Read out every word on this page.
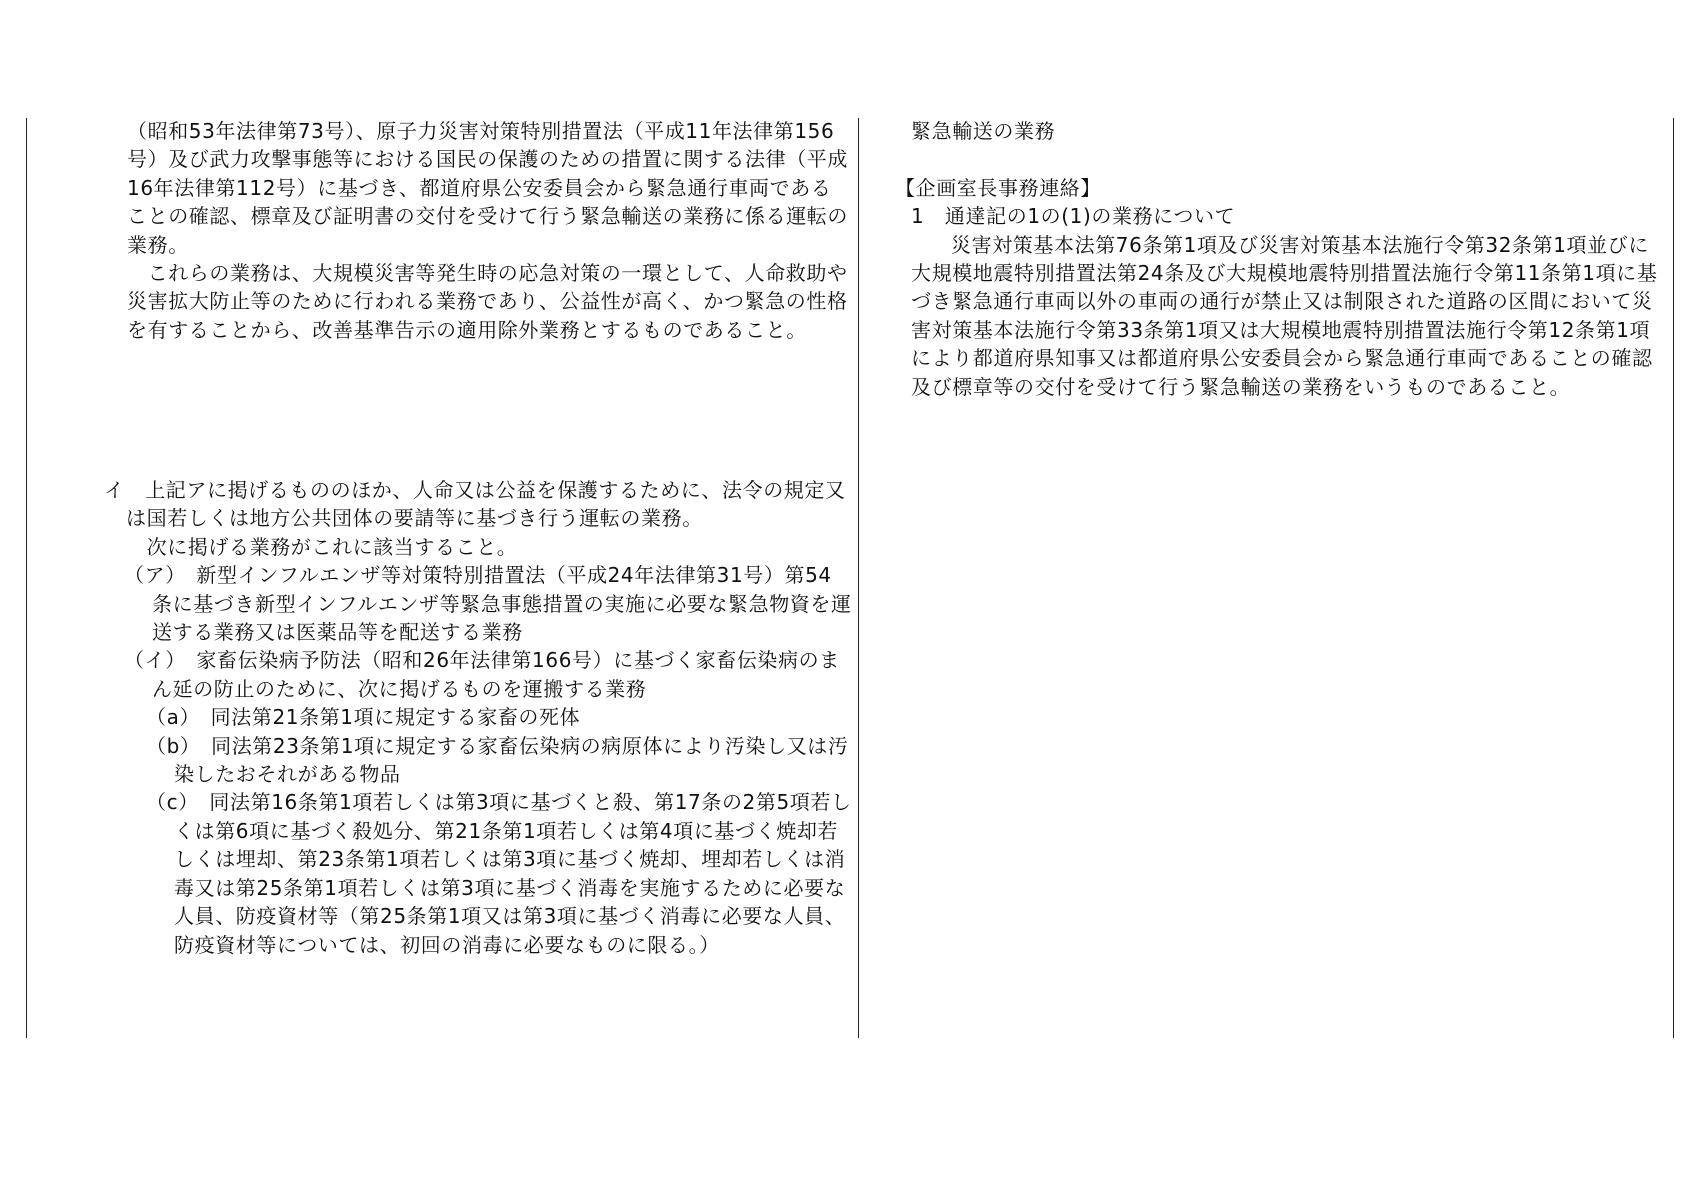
（昭和53年法律第73号）、原子力災害対策特別措置法（平成11年法律第156号）及び武力攻撃事態等における国民の保護のための措置に関する法律（平成16年法律第112号）に基づき、都道府県公安委員会から緊急通行車両であることの確認、標章及び証明書の交付を受けて行う緊急輸送の業務に係る運転の業務。

　これらの業務は、大規模災害等発生時の応急対策の一環として、人命救助や災害拡大防止等のために行われる業務であり、公益性が高く、かつ緊急の性格を有することから、改善基準告示の適用除外業務とするものであること。

イ　上記アに掲げるもののほか、人命又は公益を保護するために、法令の規定又は国若しくは地方公共団体の要請等に基づき行う運転の業務。

　次に掲げる業務がこれに該当すること。

（ア）　新型インフルエンザ等対策特別措置法（平成24年法律第31号）第54条に基づき新型インフルエンザ等緊急事態措置の実施に必要な緊急物資を運送する業務又は医薬品等を配送する業務

（イ）　家畜伝染病予防法（昭和26年法律第166号）に基づく家畜伝染病のまん延の防止のために、次に掲げるものを運搬する業務

（a）　同法第21条第1項に規定する家畜の死体

（b）　同法第23条第1項に規定する家畜伝染病の病原体により汚染し又は汚染したおそれがある物品

（c）　同法第16条第1項若しくは第3項に基づくと殺、第17条の2第5項若しくは第6項に基づく殺処分、第21条第1項若しくは第4項に基づく焼却若しくは埋却、第23条第1項若しくは第3項に基づく焼却、埋却若しくは消毒又は第25条第1項若しくは第3項に基づく消毒を実施するために必要な人員、防疫資材等（第25条第1項又は第3項に基づく消毒に必要な人員、防疫資材等については、初回の消毒に必要なものに限る。）

緊急輸送の業務

【企画室長事務連絡】

1　通達記の1の(1)の業務について

災害対策基本法第76条第1項及び災害対策基本法施行令第32条第1項並びに大規模地震特別措置法第24条及び大規模地震特別措置法施行令第11条第1項に基づき緊急通行車両以外の車両の通行が禁止又は制限された道路の区間において災害対策基本法施行令第33条第1項又は大規模地震特別措置法施行令第12条第1項により都道府県知事又は都道府県公安委員会から緊急通行車両であることの確認及び標章等の交付を受けて行う緊急輸送の業務をいうものであること。
